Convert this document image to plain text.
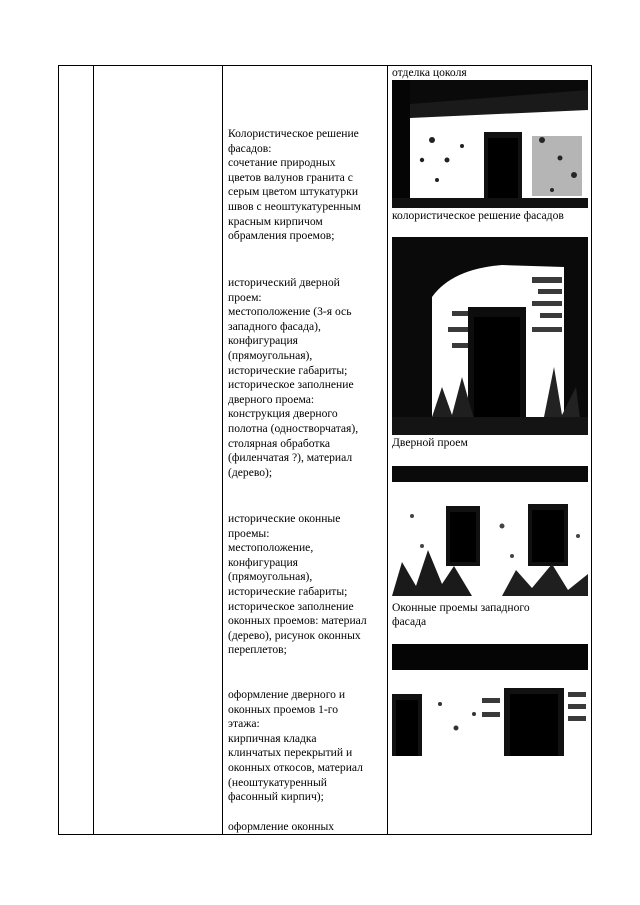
Колористическое решение

фасадов:

сочетание природных

цветов валунов гранита с

серым цветом штукатурки

швов с неоштукатуренным

красным кирпичом

обрамления проемов;

исторический дверной

проем:

местоположение (3-я ось

западного фасада),

конфигурация

(прямоугольная),

исторические габариты;

историческое заполнение

дверного проема:

конструкция дверного

полотна (одностворчатая),

столярная обработка

(филенчатая ?), материал

(дерево);

исторические оконные

проемы:

местоположение,

конфигурация

(прямоугольная),

исторические габариты;

историческое заполнение

оконных проемов: материал

(дерево), рисунок оконных

переплетов;

оформление дверного и

оконных проемов 1-го

этажа:

кирпичная кладка

клинчатых перекрытий и

оконных откосов, материал

(неоштукатуренный

фасонный кирпич);

оформление оконных

отделка цоколя
колористическое решение фасадов
Дверной проем
Оконные проемы западного
фасада
